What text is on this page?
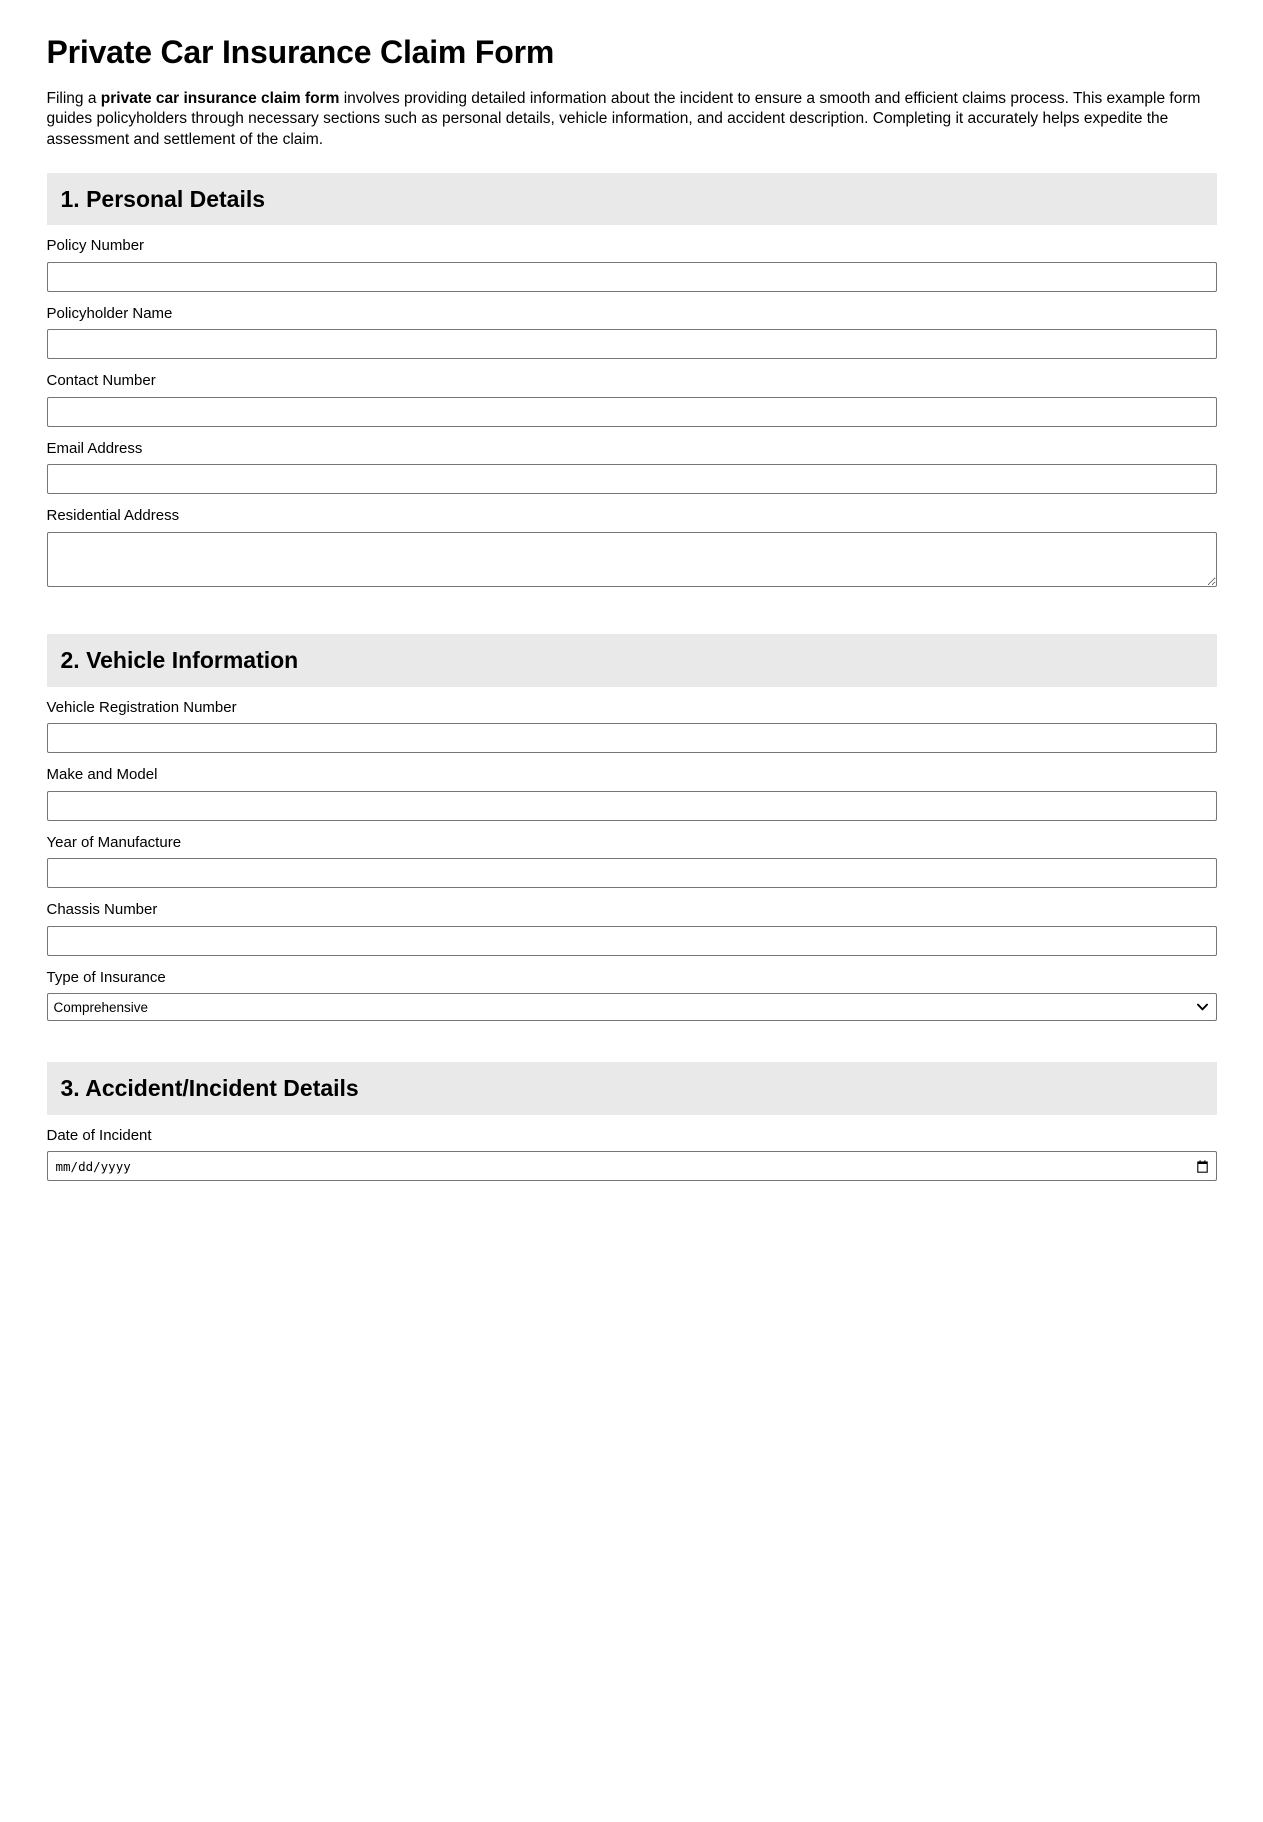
Private Car Insurance Claim Form

Filing a private car insurance claim form involves providing detailed information about the incident to ensure a smooth and efficient claims process. This example form guides policyholders through necessary sections such as personal details, vehicle information, and accident description. Completing it accurately helps expedite the assessment and settlement of the claim.

1. Personal Details
Policy Number
Policyholder Name
Contact Number
Email Address
Residential Address
2. Vehicle Information
Vehicle Registration Number
Make and Model
Year of Manufacture
Chassis Number
Type of Insurance
Comprehensive
3. Accident/Incident Details
Date of Incident
mm/dd/yyyy
